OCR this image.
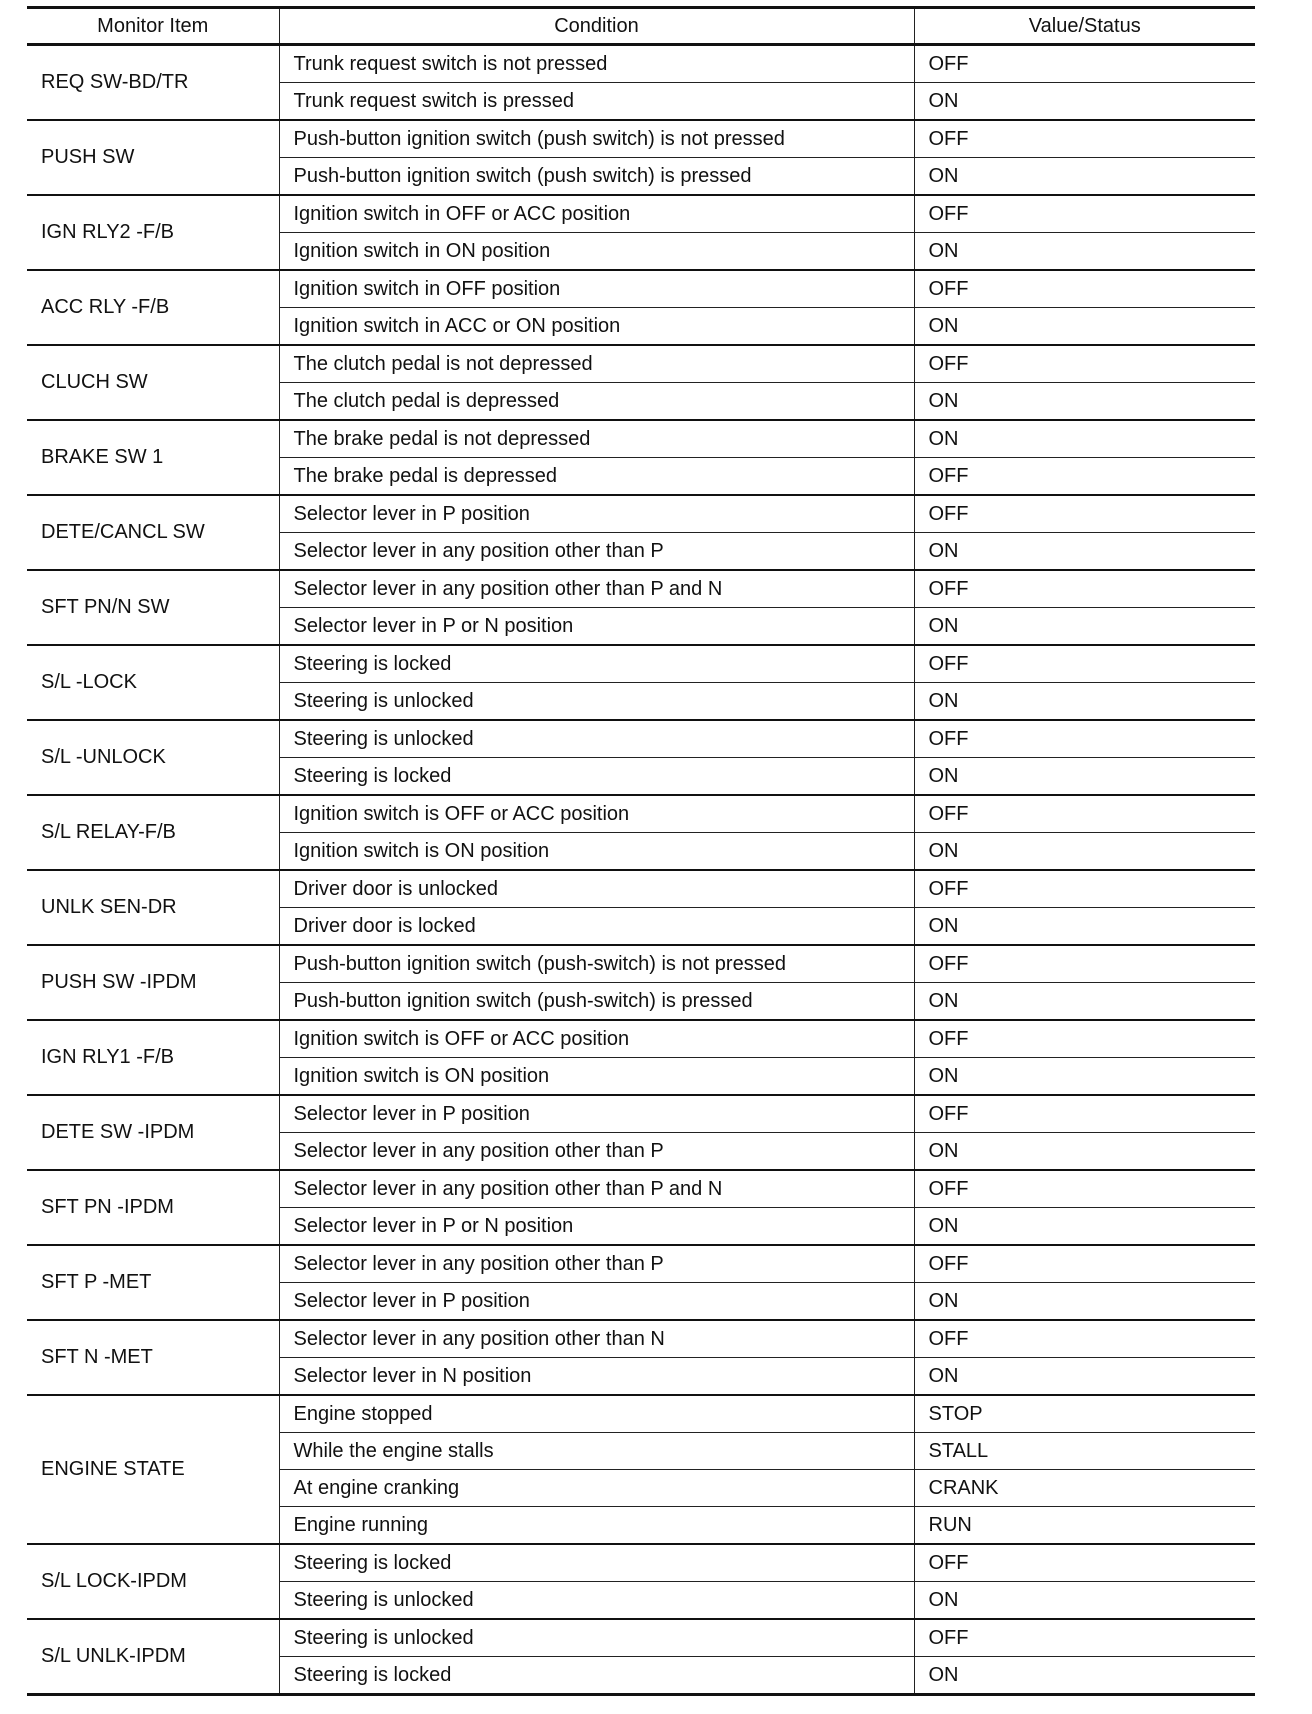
Monitor Item	Condition	Value/Status
REQ SW-BD/TR	Trunk request switch is not pressed	OFF
	Trunk request switch is pressed	ON
PUSH SW	Push-button ignition switch (push switch) is not pressed	OFF
	Push-button ignition switch (push switch) is pressed	ON
IGN RLY2 -F/B	Ignition switch in OFF or ACC position	OFF
	Ignition switch in ON position	ON
ACC RLY -F/B	Ignition switch in OFF position	OFF
	Ignition switch in ACC or ON position	ON
CLUCH SW	The clutch pedal is not depressed	OFF
	The clutch pedal is depressed	ON
BRAKE SW 1	The brake pedal is not depressed	ON
	The brake pedal is depressed	OFF
DETE/CANCL SW	Selector lever in P position	OFF
	Selector lever in any position other than P	ON
SFT PN/N SW	Selector lever in any position other than P and N	OFF
	Selector lever in P or N position	ON
S/L -LOCK	Steering is locked	OFF
	Steering is unlocked	ON
S/L -UNLOCK	Steering is unlocked	OFF
	Steering is locked	ON
S/L RELAY-F/B	Ignition switch is OFF or ACC position	OFF
	Ignition switch is ON position	ON
UNLK SEN-DR	Driver door is unlocked	OFF
	Driver door is locked	ON
PUSH SW -IPDM	Push-button ignition switch (push-switch) is not pressed	OFF
	Push-button ignition switch (push-switch) is pressed	ON
IGN RLY1 -F/B	Ignition switch is OFF or ACC position	OFF
	Ignition switch is ON position	ON
DETE SW -IPDM	Selector lever in P position	OFF
	Selector lever in any position other than P	ON
SFT PN -IPDM	Selector lever in any position other than P and N	OFF
	Selector lever in P or N position	ON
SFT P -MET	Selector lever in any position other than P	OFF
	Selector lever in P position	ON
SFT N -MET	Selector lever in any position other than N	OFF
	Selector lever in N position	ON
ENGINE STATE	Engine stopped	STOP
	While the engine stalls	STALL
	At engine cranking	CRANK
	Engine running	RUN
S/L LOCK-IPDM	Steering is locked	OFF
	Steering is unlocked	ON
S/L UNLK-IPDM	Steering is unlocked	OFF
	Steering is locked	ON
